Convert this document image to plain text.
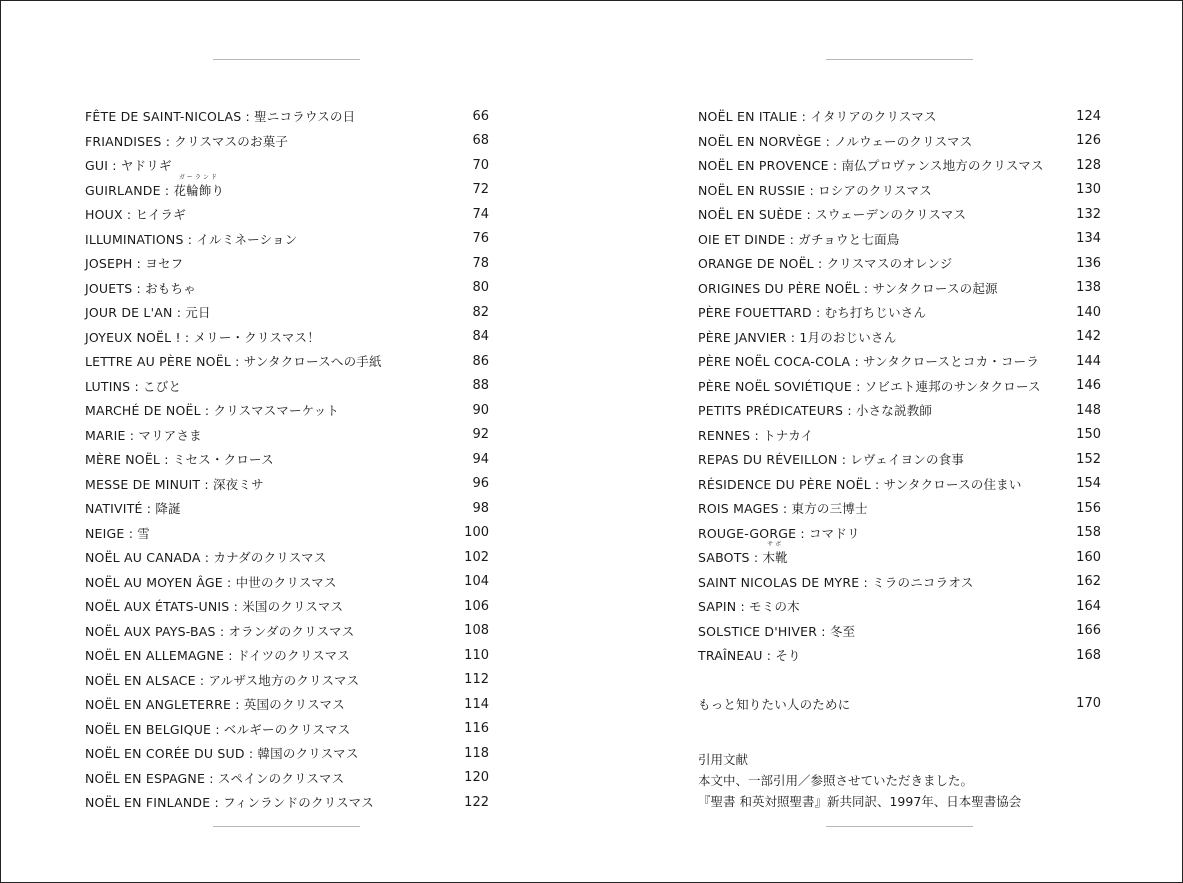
FÊTE DE SAINT-NICOLAS : 聖ニコラウスの日	66
FRIANDISES : クリスマスのお菓子	68
GUI : ヤドリギ	70
GUIRLANDE :
ガーランド
花輪飾り	72
HOUX : ヒイラギ	74
ILLUMINATIONS : イルミネーション	76
JOSEPH : ヨセフ	78
JOUETS : おもちゃ	80
JOUR DE L'AN : 元日	82
JOYEUX NOËL ! : メリー・クリスマス！	84
LETTRE AU PÈRE NOËL : サンタクロースへの手紙	86
LUTINS : こびと	88
MARCHÉ DE NOËL : クリスマスマーケット	90
MARIE : マリアさま	92
MÈRE NOËL : ミセス・クロース	94
MESSE DE MINUIT : 深夜ミサ	96
NATIVITÉ : 降誕	98
NEIGE : 雪	100
NOËL AU CANADA : カナダのクリスマス	102
NOËL AU MOYEN ÂGE : 中世のクリスマス	104
NOËL AUX ÉTATS-UNIS : 米国のクリスマス	106
NOËL AUX PAYS-BAS : オランダのクリスマス	108
NOËL EN ALLEMAGNE : ドイツのクリスマス	110
NOËL EN ALSACE : アルザス地方のクリスマス	112
NOËL EN ANGLETERRE : 英国のクリスマス	114
NOËL EN BELGIQUE : ベルギーのクリスマス	116
NOËL EN CORÉE DU SUD : 韓国のクリスマス	118
NOËL EN ESPAGNE : スペインのクリスマス	120
NOËL EN FINLANDE : フィンランドのクリスマス	122
NOËL EN ITALIE : イタリアのクリスマス	124
NOËL EN NORVÈGE : ノルウェーのクリスマス	126
NOËL EN PROVENCE : 南仏プロヴァンス地方のクリスマス 128
NOËL EN RUSSIE : ロシアのクリスマス	130
NOËL EN SUÈDE : スウェーデンのクリスマス	132
OIE ET DINDE : ガチョウと七面鳥	134
ORANGE DE NOËL : クリスマスのオレンジ	136
ORIGINES DU PÈRE NOËL : サンタクロースの起源	138
PÈRE FOUETTARD : むち打ちじいさん	140
PÈRE JANVIER : 1月のおじいさん	142
PÈRE NOËL COCA-COLA : サンタクロースとコカ・コーラ	144
PÈRE NOËL SOVIÉTIQUE : ソビエト連邦のサンタクロース	146
PETITS PRÉDICATEURS : 小さな説教師	148
RENNES : トナカイ	150
REPAS DU RÉVEILLON : レヴェイヨンの食事	152
RÉSIDENCE DU PÈRE NOËL : サンタクロースの住まい	154
ROIS MAGES : 東方の三博士	156
ROUGE-GORGE : コマドリ	158
SABOTS :
サボ
木靴	160
SAINT NICOLAS DE MYRE : ミラのニコラオス	162
SAPIN : モミの木	164
SOLSTICE D'HIVER : 冬至	166
TRAÎNEAU : そり	168
もっと知りたい人のために	170
引用文献
本文中、一部引用／参照させていただきました。
『聖書 和英対照聖書』新共同訳、1997年、日本聖書協会
